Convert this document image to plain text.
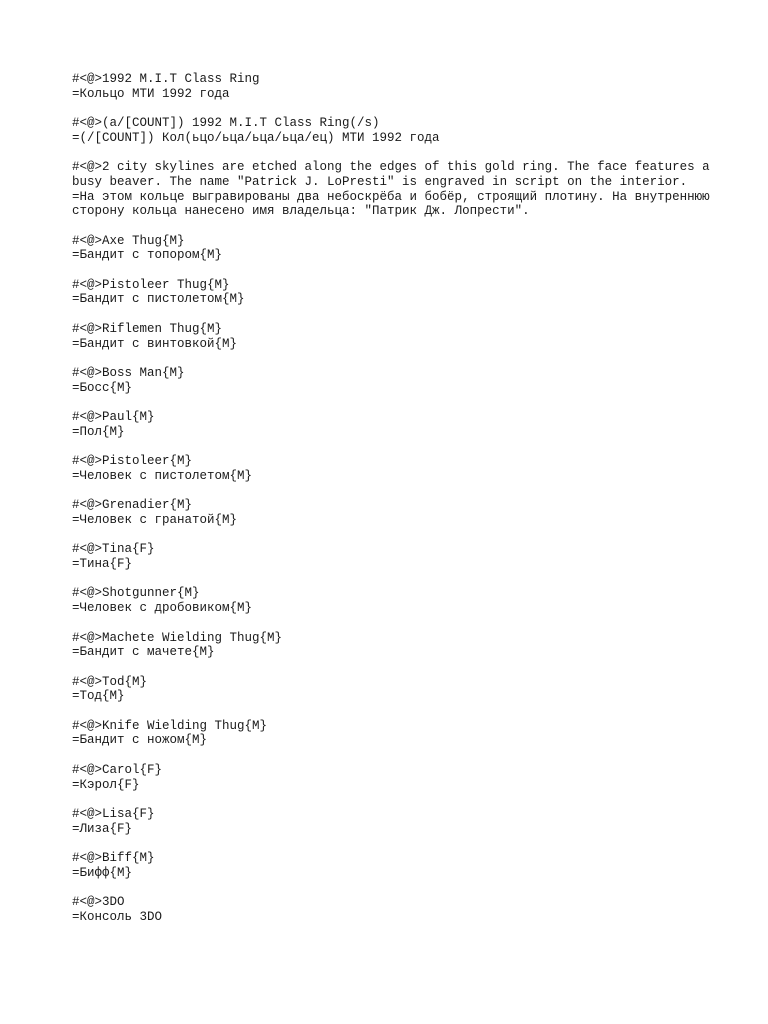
#<@>1992 M.I.T Class Ring
=Кольцо МТИ 1992 года
#<@>(a/[COUNT]) 1992 M.I.T Class Ring(/s)
=(/[COUNT]) Кол(ьцо/ьца/ьца/ьца/ец) МТИ 1992 года
#<@>2 city skylines are etched along the edges of this gold ring. The face features a busy beaver. The name "Patrick J. LoPresti" is engraved in script on the interior.
=На этом кольце выгравированы два небоскрёба и бобёр, строящий плотину. На внутреннюю сторону кольца нанесено имя владельца: "Патрик Дж. Лопрести".
#<@>Axe Thug{M}
=Бандит с топором{M}
#<@>Pistoleer Thug{M}
=Бандит с пистолетом{M}
#<@>Riflemen Thug{M}
=Бандит с винтовкой{M}
#<@>Boss Man{M}
=Босс{M}
#<@>Paul{M}
=Пол{M}
#<@>Pistoleer{M}
=Человек с пистолетом{M}
#<@>Grenadier{M}
=Человек с гранатой{M}
#<@>Tina{F}
=Тина{F}
#<@>Shotgunner{M}
=Человек с дробовиком{M}
#<@>Machete Wielding Thug{M}
=Бандит с мачете{M}
#<@>Tod{M}
=Тод{M}
#<@>Knife Wielding Thug{M}
=Бандит с ножом{M}
#<@>Carol{F}
=Кэрол{F}
#<@>Lisa{F}
=Лиза{F}
#<@>Biff{M}
=Бифф{M}
#<@>3DO
=Консоль 3DO
